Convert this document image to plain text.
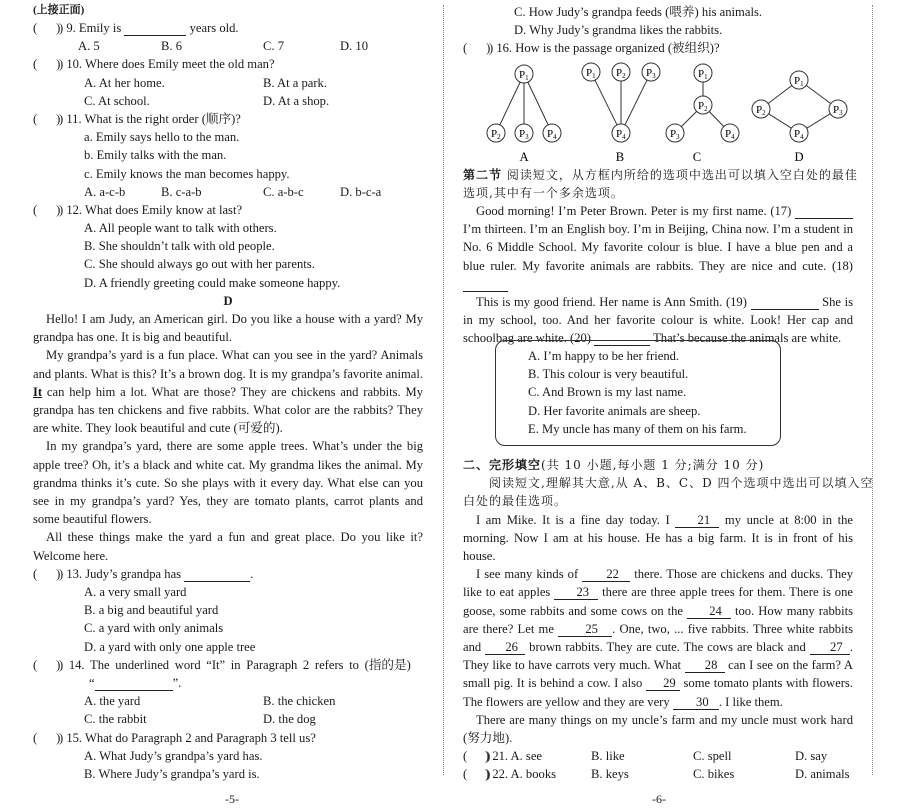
(上接正面)
(      )) 9. Emily is	years old.
A. 5	B. 6	C. 7	D. 10
(      )) 10. Where does Emily meet the old man?
A. At her home.	B. At a park.
C. At school.	D. At a shop.
(      )) 11. What is the right order (顺序)?
a. Emily says hello to the man.
b. Emily talks with the man.
c. Emily knows the man becomes happy.
A. a-c-b	B. c-a-b	C. a-b-c	D. b-c-a
(      )) 12. What does Emily know at last?
A. All people want to talk with others.
B. She shouldn’t talk with old people.
C. She should always go out with her parents.
D. A friendly greeting could make someone happy.
D

Hello! I am Judy, an American girl. Do you like a house with a yard? My grandpa has one. It is big and beautiful.

My grandpa’s yard is a fun place. What can you see in the yard? Animals and plants. What is this? It’s a brown dog. It is my grandpa’s favorite animal. It can help him a lot. What are those? They are chickens and rabbits. My grandpa has ten chickens and five rabbits. What color are the rabbits? They are white. They look beautiful and cute (可爱的).

In my grandpa’s yard, there are some apple trees. What’s under the big apple tree? Oh, it’s a black and white cat. My grandma likes the animal. My grandma thinks it’s cute. So she plays with it every day. What else can you see in my grandpa’s yard? Yes, they are tomato plants, carrot plants and some beautiful flowers.

All these things make the yard a fun and great place. Do you like it? Welcome here.

(      )) 13. Judy’s grandpa has	.
A. a very small yard
B. a big and beautiful yard
C. a yard with only animals
D. a yard with only one apple tree
(      )) 14. The underlined word “It” in Paragraph 2 refers to (指的是)
“	”.
A. the yard	B. the chicken
C. the rabbit	D. the dog
(      )) 15. What do Paragraph 2 and Paragraph 3 tell us?
A. What Judy’s grandpa’s yard has.
B. Where Judy’s grandpa’s yard is.
-5-
C. How Judy’s grandpa feeds (喂养) his animals.
D. Why Judy’s grandma likes the rabbits.
(      )) 16. How is the passage organized (被组织)?
第二节 阅读短文，从方框内所给的选项中选出可以填入空白处的最佳
选项,其中有一个多余选项。

Good morning! I’m Peter Brown. Peter is my first name. (17)   I’m thirteen. I’m an English boy. I’m in Beijing, China now. I’m a student in No. 6 Middle School. My favorite colour is blue. I have a blue pen and a blue ruler. My favorite animals are rabbits. They are nice and cute. (18)

This is my good friend. Her name is Ann Smith. (19)	She is in my school, too. And her favorite colour is white. Look! Her cap and schoolbag are white. (20)	That’s because the animals are white.

A. I’m happy to be her friend.
B. This colour is very beautiful.
C. And Brown is my last name.
D. Her favorite animals are sheep.
E. My uncle has many of them on his farm.
二、完形填空(共 10 小题,每小题 1 分;满分 10 分)
阅读短文,理解其大意,从 A、B、C、D 四个选项中选出可以填入空
白处的最佳选项。

I am Mike. It is a fine day today. I 21 my uncle at 8:00 in the morning. Now I am at his house. He has a big farm. It is in front of his house.

I see many kinds of 22 there. Those are chickens and ducks. They like to eat apples 23 there are three apple trees for them. There is one goose, some rabbits and some cows on the 24 too. How many rabbits are there? Let me 25 . One, two, ... five rabbits. Three white rabbits and 26 brown rabbits. They are cute. The cows are black and 27 . They like to have carrots very much. What 28 can I see on the farm? A small pig. It is behind a cow. I also 29 some tomato plants with flowers. The flowers are yellow and they are very 30 . I like them.

There are many things on my uncle’s farm and my uncle must work hard (努力地).

(      )) 21. A. see	B. like	C. spell	D. say
(      )) 22. A. books	B. keys	C. bikes	D. animals
-6-
P1
P2 P3 P4
A
P1 P2 P3
P4
B
P1
P2
P3	P4
C
P1
P2	P3
P4
D
